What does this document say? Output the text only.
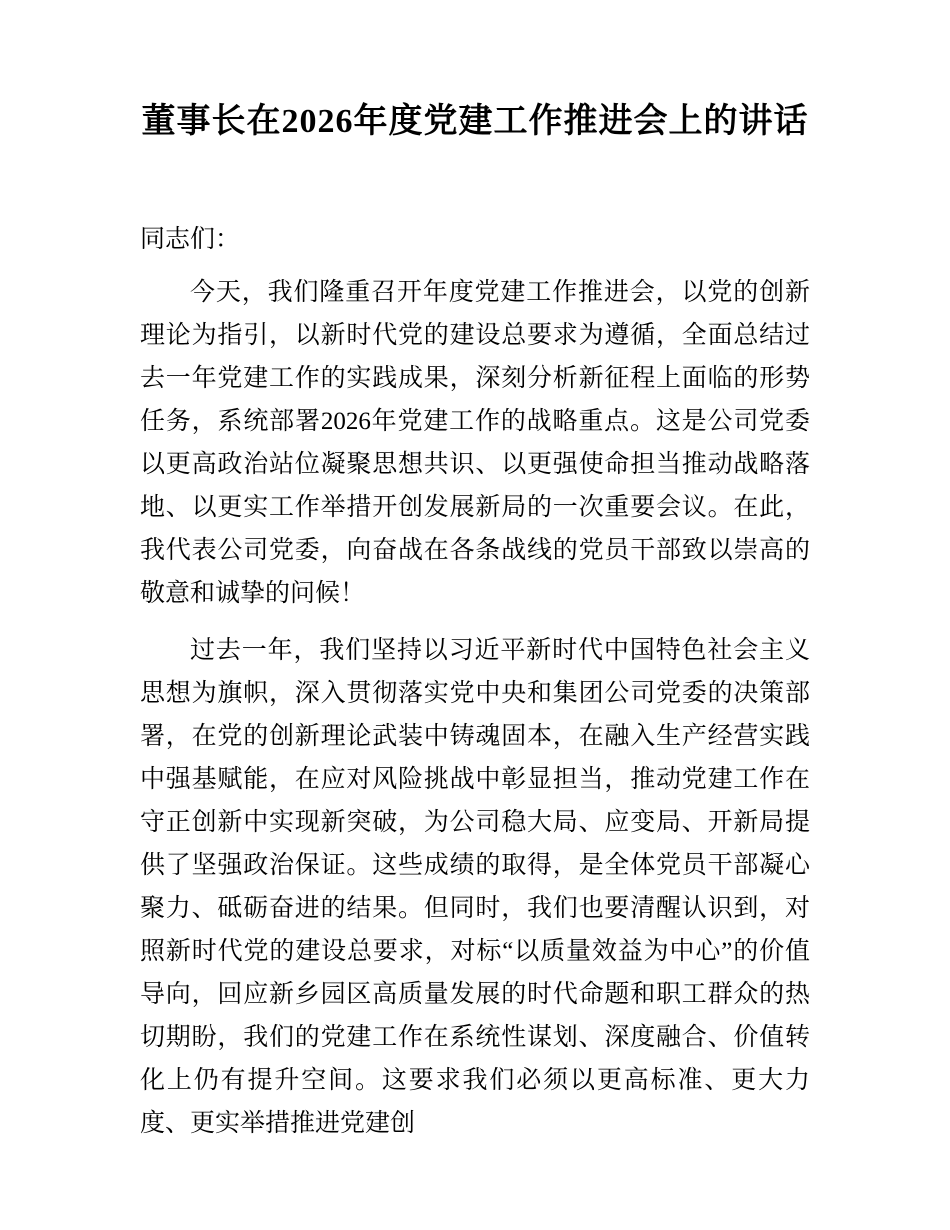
董事长在2026年度党建工作推进会上的讲话

同志们：

今天，我们隆重召开年度党建工作推进会，以党的创新理论为指引，以新时代党的建设总要求为遵循，全面总结过去一年党建工作的实践成果，深刻分析新征程上面临的形势任务，系统部署2026年党建工作的战略重点。这是公司党委以更高政治站位凝聚思想共识、以更强使命担当推动战略落地、以更实工作举措开创发展新局的一次重要会议。在此，我代表公司党委，向奋战在各条战线的党员干部致以崇高的敬意和诚挚的问候！

过去一年，我们坚持以习近平新时代中国特色社会主义思想为旗帜，深入贯彻落实党中央和集团公司党委的决策部署，在党的创新理论武装中铸魂固本，在融入生产经营实践中强基赋能，在应对风险挑战中彰显担当，推动党建工作在守正创新中实现新突破，为公司稳大局、应变局、开新局提供了坚强政治保证。这些成绩的取得，是全体党员干部凝心聚力、砥砺奋进的结果。但同时，我们也要清醒认识到，对照新时代党的建设总要求，对标“以质量效益为中心”的价值导向，回应新乡园区高质量发展的时代命题和职工群众的热切期盼，我们的党建工作在系统性谋划、深度融合、价值转化上仍有提升空间。这要求我们必须以更高标准、更大力度、更实举措推进党建创
